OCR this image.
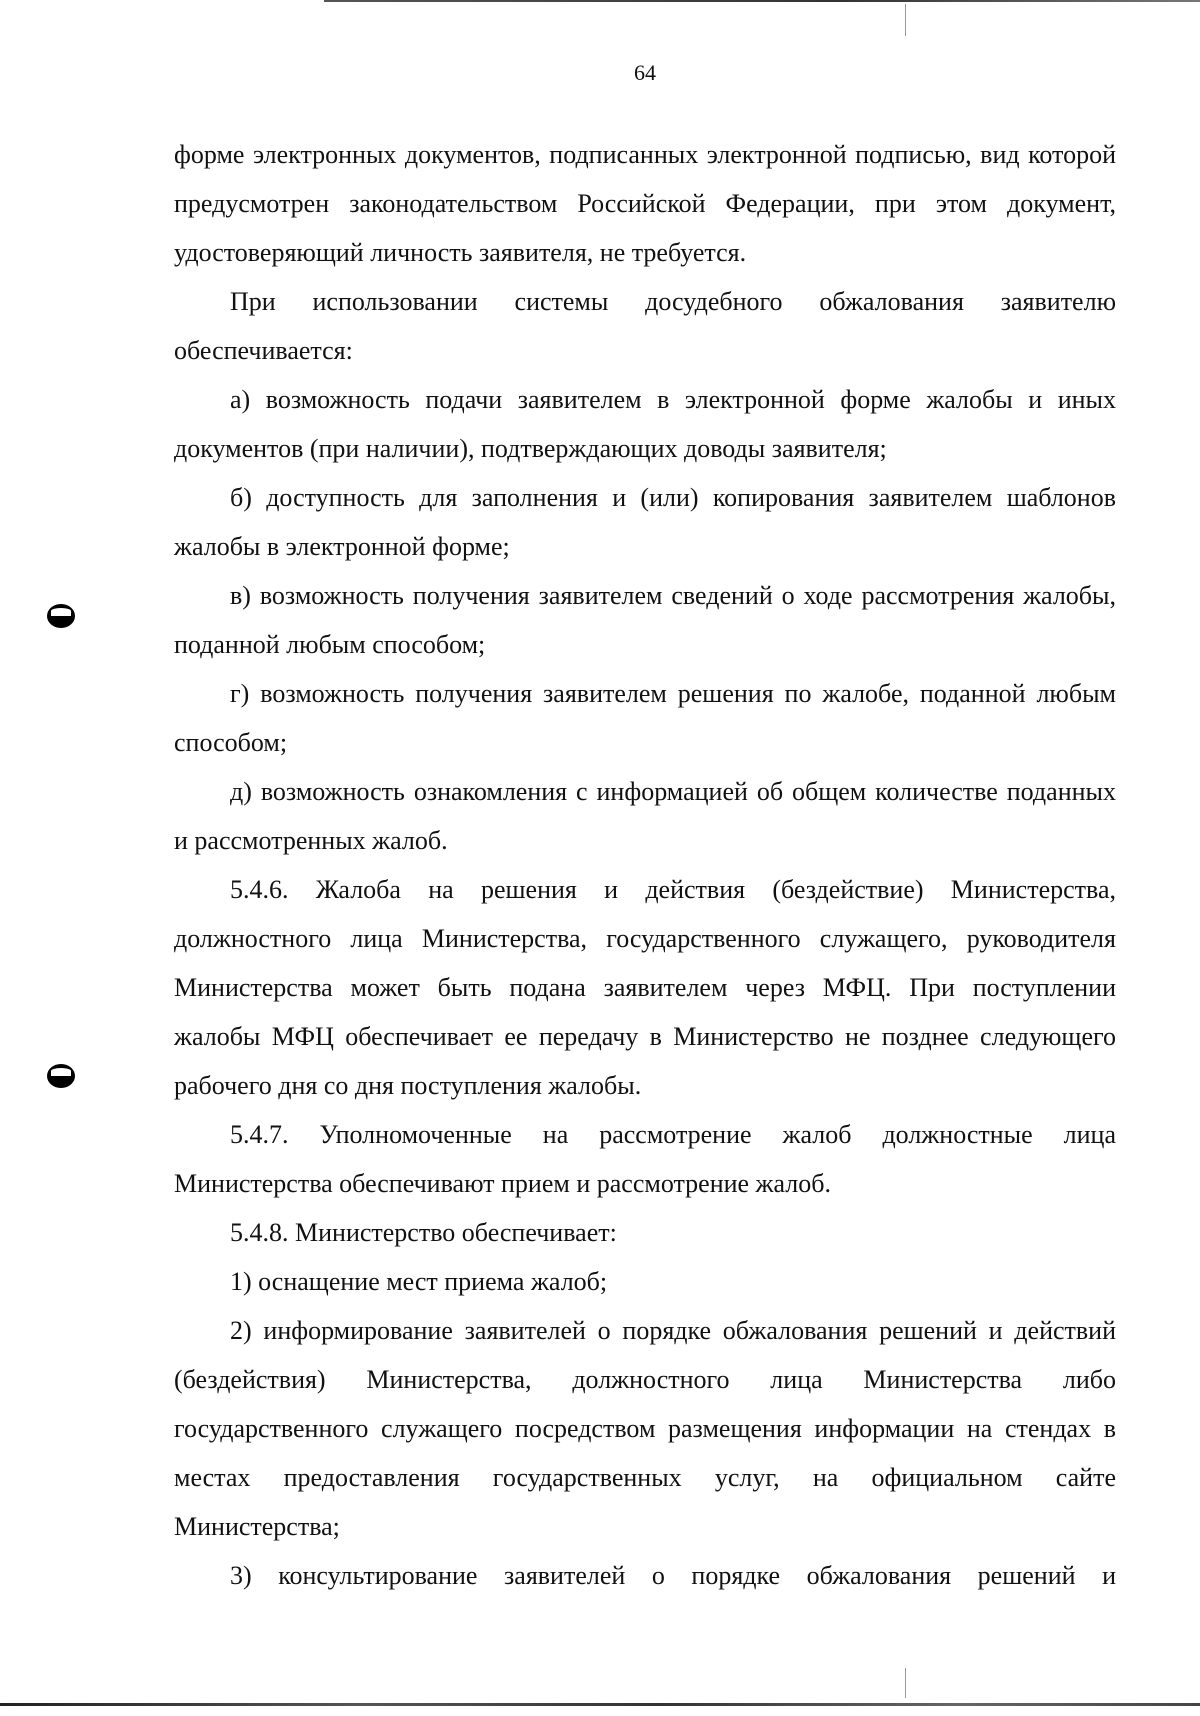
64

форме электронных документов, подписанных электронной подписью, вид которой предусмотрен законодательством Российской Федерации, при этом документ, удостоверяющий личность заявителя, не требуется.

При использовании системы досудебного обжалования заявителю обеспечивается:

а) возможность подачи заявителем в электронной форме жалобы и иных документов (при наличии), подтверждающих доводы заявителя;

б) доступность для заполнения и (или) копирования заявителем шаблонов жалобы в электронной форме;

в) возможность получения заявителем сведений о ходе рассмотрения жалобы, поданной любым способом;

г) возможность получения заявителем решения по жалобе, поданной любым способом;

д) возможность ознакомления с информацией об общем количестве поданных и рассмотренных жалоб.

5.4.6. Жалоба на решения и действия (бездействие) Министерства, должностного лица Министерства, государственного служащего, руководителя Министерства может быть подана заявителем через МФЦ. При поступлении жалобы МФЦ обеспечивает ее передачу в Министерство не позднее следующего рабочего дня со дня поступления жалобы.

5.4.7. Уполномоченные на рассмотрение жалоб должностные лица Министерства обеспечивают прием и рассмотрение жалоб.

5.4.8. Министерство обеспечивает:

1) оснащение мест приема жалоб;

2) информирование заявителей о порядке обжалования решений и действий (бездействия) Министерства, должностного лица Министерства либо государственного служащего посредством размещения информации на стендах в местах предоставления государственных услуг, на официальном сайте Министерства;

3) консультирование заявителей о порядке обжалования решений и
